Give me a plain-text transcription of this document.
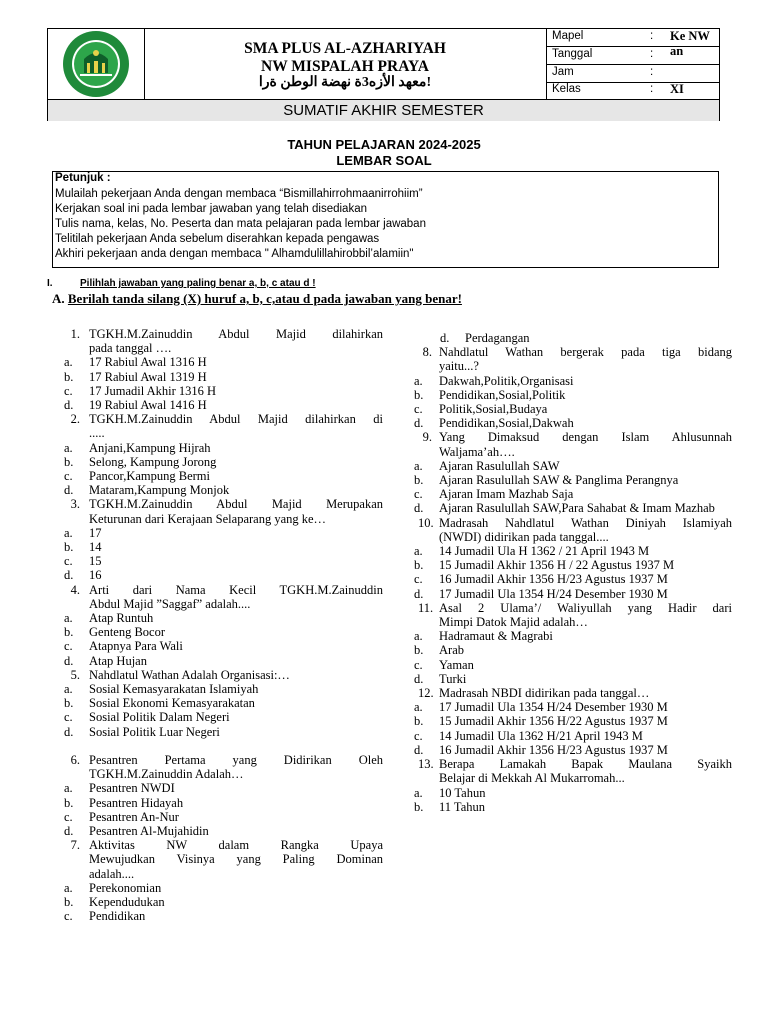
SMA PLUS AL-AZHARIYAH
NW MISPALAH PRAYA
معهد الأزه3ة نهضة الوطن ةرا!
Mapel	: Ke NW an
Tanggal	:
Jam	:
Kelas	: XI
SUMATIF AKHIR SEMESTER
TAHUN PELAJARAN 2024-2025
LEMBAR SOAL
Petunjuk :
Mulailah pekerjaan Anda dengan membaca “Bismillahirrohmaanirrohiim”
Kerjakan soal ini pada lembar jawaban yang telah disediakan
Tulis nama, kelas, No. Peserta dan mata pelajaran pada lembar jawaban
Telitilah pekerjaan Anda sebelum diserahkan kepada pengawas
Akhiri pekerjaan anda dengan membaca " Alhamdulillahirobbil’alamiin"
I.	Pilihlah jawaban yang paling benar a, b, c atau d !
A. Berilah tanda silang (X) huruf a, b, c,atau d pada jawaban yang benar!
1. TGKH.M.Zainuddin Abdul Majid dilahirkan
pada tanggal ….
a. 17 Rabiul Awal 1316 H
b. 17 Rabiul Awal 1319 H
c. 17 Jumadil Akhir 1316 H
d. 19 Rabiul Awal 1416 H
2. TGKH.M.Zainuddin Abdul Majid dilahirkan di
.....
a. Anjani,Kampung Hijrah
b. Selong, Kampung Jorong
c. Pancor,Kampung Bermi
d. Mataram,Kampung Monjok
3. TGKH.M.Zainuddin Abdul Majid Merupakan
Keturunan dari Kerajaan Selaparang yang ke…
a. 17
b. 14
c. 15
d. 16
4. Arti dari Nama Kecil TGKH.M.Zainuddin
Abdul Majid ”Saggaf” adalah....
a. Atap Runtuh
b. Genteng Bocor
c. Atapnya Para Wali
d. Atap Hujan
5. Nahdlatul Wathan Adalah Organisasi:…
a. Sosial Kemasyarakatan Islamiyah
b. Sosial Ekonomi Kemasyarakatan
c. Sosial Politik Dalam Negeri
d. Sosial Politik Luar Negeri
6. Pesantren Pertama yang Didirikan Oleh
TGKH.M.Zainuddin Adalah…
a. Pesantren NWDI
b. Pesantren Hidayah
c. Pesantren An-Nur
d. Pesantren Al-Mujahidin
7. Aktivitas NW dalam Rangka Upaya
Mewujudkan Visinya yang Paling Dominan
adalah....
a. Perekonomian
b. Kependudukan
c. Pendidikan
d. Perdagangan
8. Nahdlatul Wathan bergerak pada tiga bidang
yaitu...?
a. Dakwah,Politik,Organisasi
b. Pendidikan,Sosial,Politik
c. Politik,Sosial,Budaya
d. Pendidikan,Sosial,Dakwah
9. Yang Dimaksud dengan Islam Ahlusunnah
Waljama’ah….
a. Ajaran Rasulullah SAW
b. Ajaran Rasulullah SAW & Panglima Perangnya
c. Ajaran Imam Mazhab Saja
d. Ajaran Rasulullah SAW,Para Sahabat & Imam Mazhab
10. Madrasah Nahdlatul Wathan Diniyah Islamiyah
(NWDI) didirikan pada tanggal....
a. 14 Jumadil Ula H 1362 / 21 April 1943 M
b. 15 Jumadil Akhir 1356 H / 22 Agustus 1937 M
c. 16 Jumadil Akhir 1356 H/23 Agustus 1937 M
d. 17 Jumadil Ula 1354 H/24 Desember 1930 M
11. Asal 2 Ulama’/ Waliyullah yang Hadir dari
Mimpi Datok Majid adalah…
a. Hadramaut & Magrabi
b. Arab
c. Yaman
d. Turki
12. Madrasah NBDI didirikan pada tanggal…
a. 17 Jumadil Ula 1354 H/24 Desember 1930 M
b. 15 Jumadil Akhir 1356 H/22 Agustus 1937 M
c. 14 Jumadil Ula 1362 H/21 April 1943 M
d. 16 Jumadil Akhir 1356 H/23 Agustus 1937 M
13. Berapa Lamakah Bapak Maulana Syaikh
Belajar di Mekkah Al Mukarromah...
a. 10 Tahun
b. 11 Tahun
